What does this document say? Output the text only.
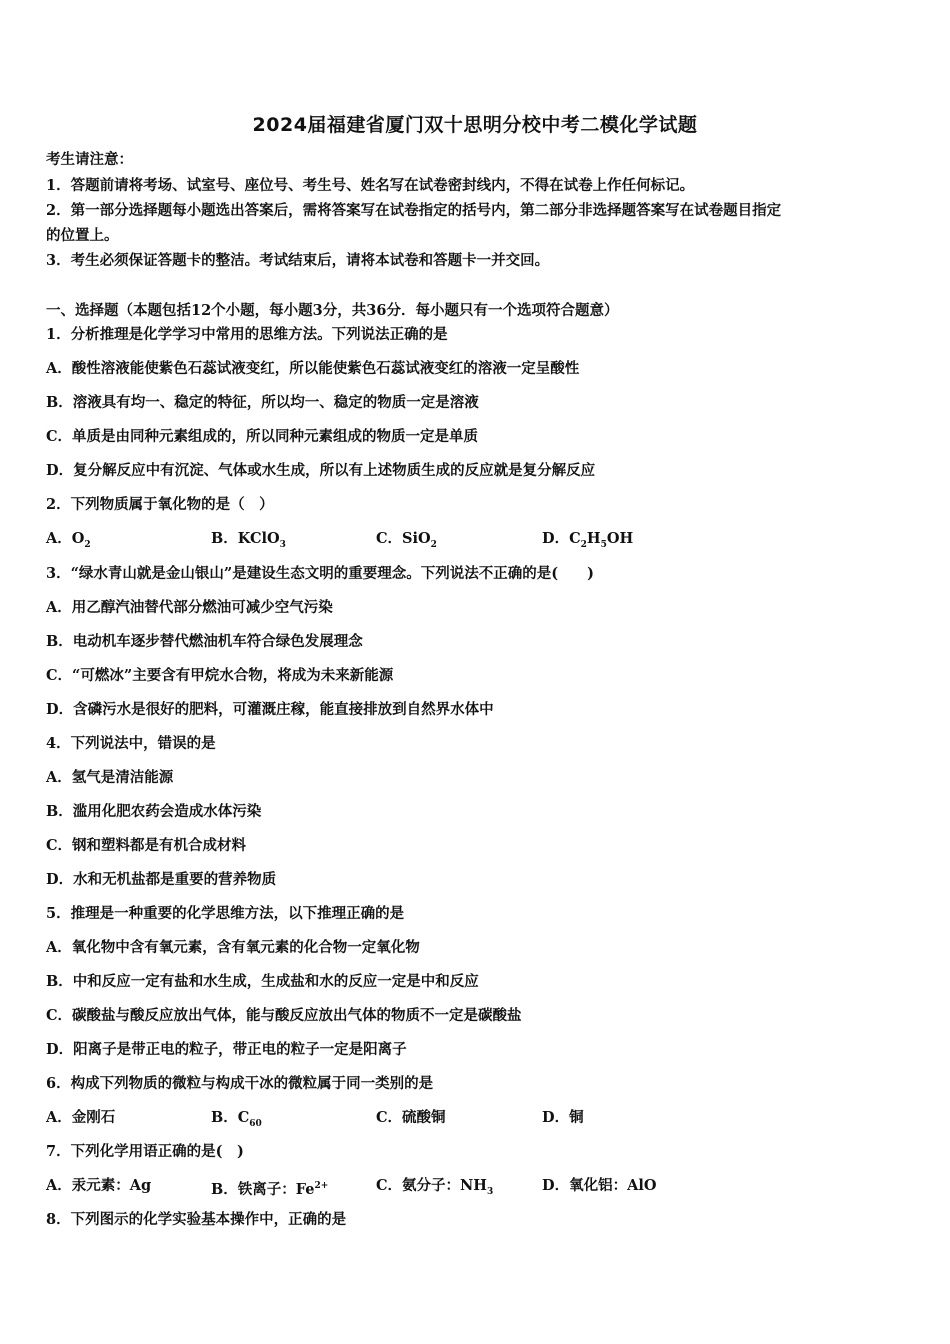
2024届福建省厦门双十思明分校中考二模化学试题
考生请注意：
1．答题前请将考场、试室号、座位号、考生号、姓名写在试卷密封线内，不得在试卷上作任何标记。
2．第一部分选择题每小题选出答案后，需将答案写在试卷指定的括号内，第二部分非选择题答案写在试卷题目指定
的位置上。
3．考生必须保证答题卡的整洁。考试结束后，请将本试卷和答题卡一并交回。
一、选择题（本题包括12个小题，每小题3分，共36分．每小题只有一个选项符合题意）
1．分析推理是化学学习中常用的思维方法。下列说法正确的是
A．酸性溶液能使紫色石蕊试液变红，所以能使紫色石蕊试液变红的溶液一定呈酸性
B．溶液具有均一、稳定的特征，所以均一、稳定的物质一定是溶液
C．单质是由同种元素组成的，所以同种元素组成的物质一定是单质
D．复分解反应中有沉淀、气体或水生成，所以有上述物质生成的反应就是复分解反应
2．下列物质属于氧化物的是（　）
A．$O_2$	B．KClO$_3$	C．SiO$_2$	D．$C_2H_5OH$
3．“绿水青山就是金山银山”是建设生态文明的重要理念。下列说法不正确的是(　　)
A．用乙醇汽油替代部分燃油可减少空气污染
B．电动机车逐步替代燃油机车符合绿色发展理念
C．“可燃冰”主要含有甲烷水合物，将成为未来新能源
D．含磷污水是很好的肥料，可灌溉庄稼，能直接排放到自然界水体中
4．下列说法中，错误的是
A．氢气是清洁能源
B．滥用化肥农药会造成水体污染
C．钢和塑料都是有机合成材料
D．水和无机盐都是重要的营养物质
5．推理是一种重要的化学思维方法，以下推理正确的是
A．氧化物中含有氧元素，含有氧元素的化合物一定氧化物
B．中和反应一定有盐和水生成，生成盐和水的反应一定是中和反应
C．碳酸盐与酸反应放出气体，能与酸反应放出气体的物质不一定是碳酸盐
D．阳离子是带正电的粒子，带正电的粒子一定是阳离子
6．构成下列物质的微粒与构成干冰的微粒属于同一类别的是
A．金刚石	B．$C_{60}$	C．硫酸铜	D．铜
7．下列化学用语正确的是(　)
A．汞元素：Ag	B．铁离子：$Fe^{2+}$	C．氨分子：$NH_3$	D．氧化铝：AlO
8．下列图示的化学实验基本操作中，正确的是
